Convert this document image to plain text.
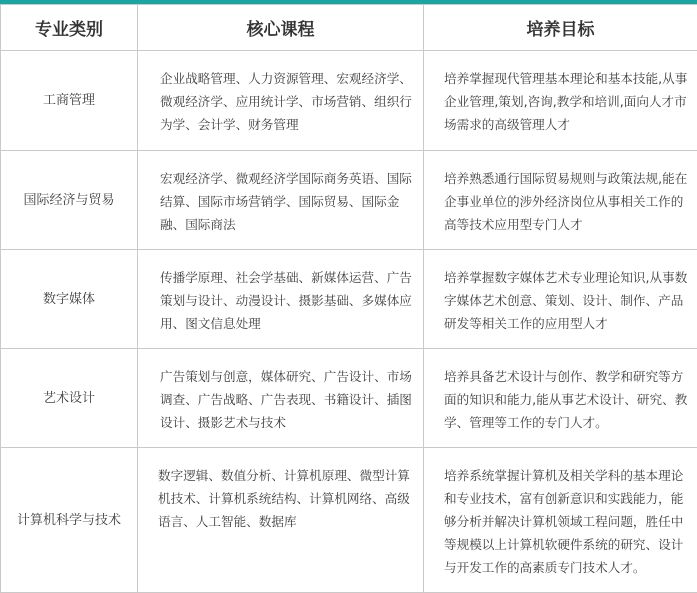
专业类别	核心课程	培养目标
工商管理	企业战略管理、人力资源管理、宏观经济学、微观经济学、应用统计学、市场营销、组织行为学、会计学、财务管理	培养掌握现代管理基本理论和基本技能,从事企业管理,策划,咨询,教学和培训,面向人才市场需求的高级管理人才
国际经济与贸易	宏观经济学、微观经济学国际商务英语、国际结算、国际市场营销学、国际贸易、国际金融、国际商法	培养熟悉通行国际贸易规则与政策法规,能在企事业单位的涉外经济岗位从事相关工作的高等技术应用型专门人才
数字媒体	传播学原理、社会学基础、新媒体运营、广告策划与设计、动漫设计、摄影基础、多媒体应用、图文信息处理	培养掌握数字媒体艺术专业理论知识,从事数字媒体艺术创意、策划、设计、制作、产品研发等相关工作的应用型人才
艺术设计	广告策划与创意，媒体研究、广告设计、市场调查、广告战略、广告表现、书籍设计、插图设计、摄影艺术与技术	培养具备艺术设计与创作、教学和研究等方面的知识和能力,能从事艺术设计、研究、教学、管理等工作的专门人才。
计算机科学与技术	数字逻辑、数值分析、计算机原理、微型计算机技术、计算机系统结构、计算机网络、高级语言、人工智能、数据库	培养系统掌握计算机及相关学科的基本理论和专业技术，富有创新意识和实践能力，能够分析并解决计算机领域工程问题，胜任中等规模以上计算机软硬件系统的研究、设计与开发工作的高素质专门技术人才。
